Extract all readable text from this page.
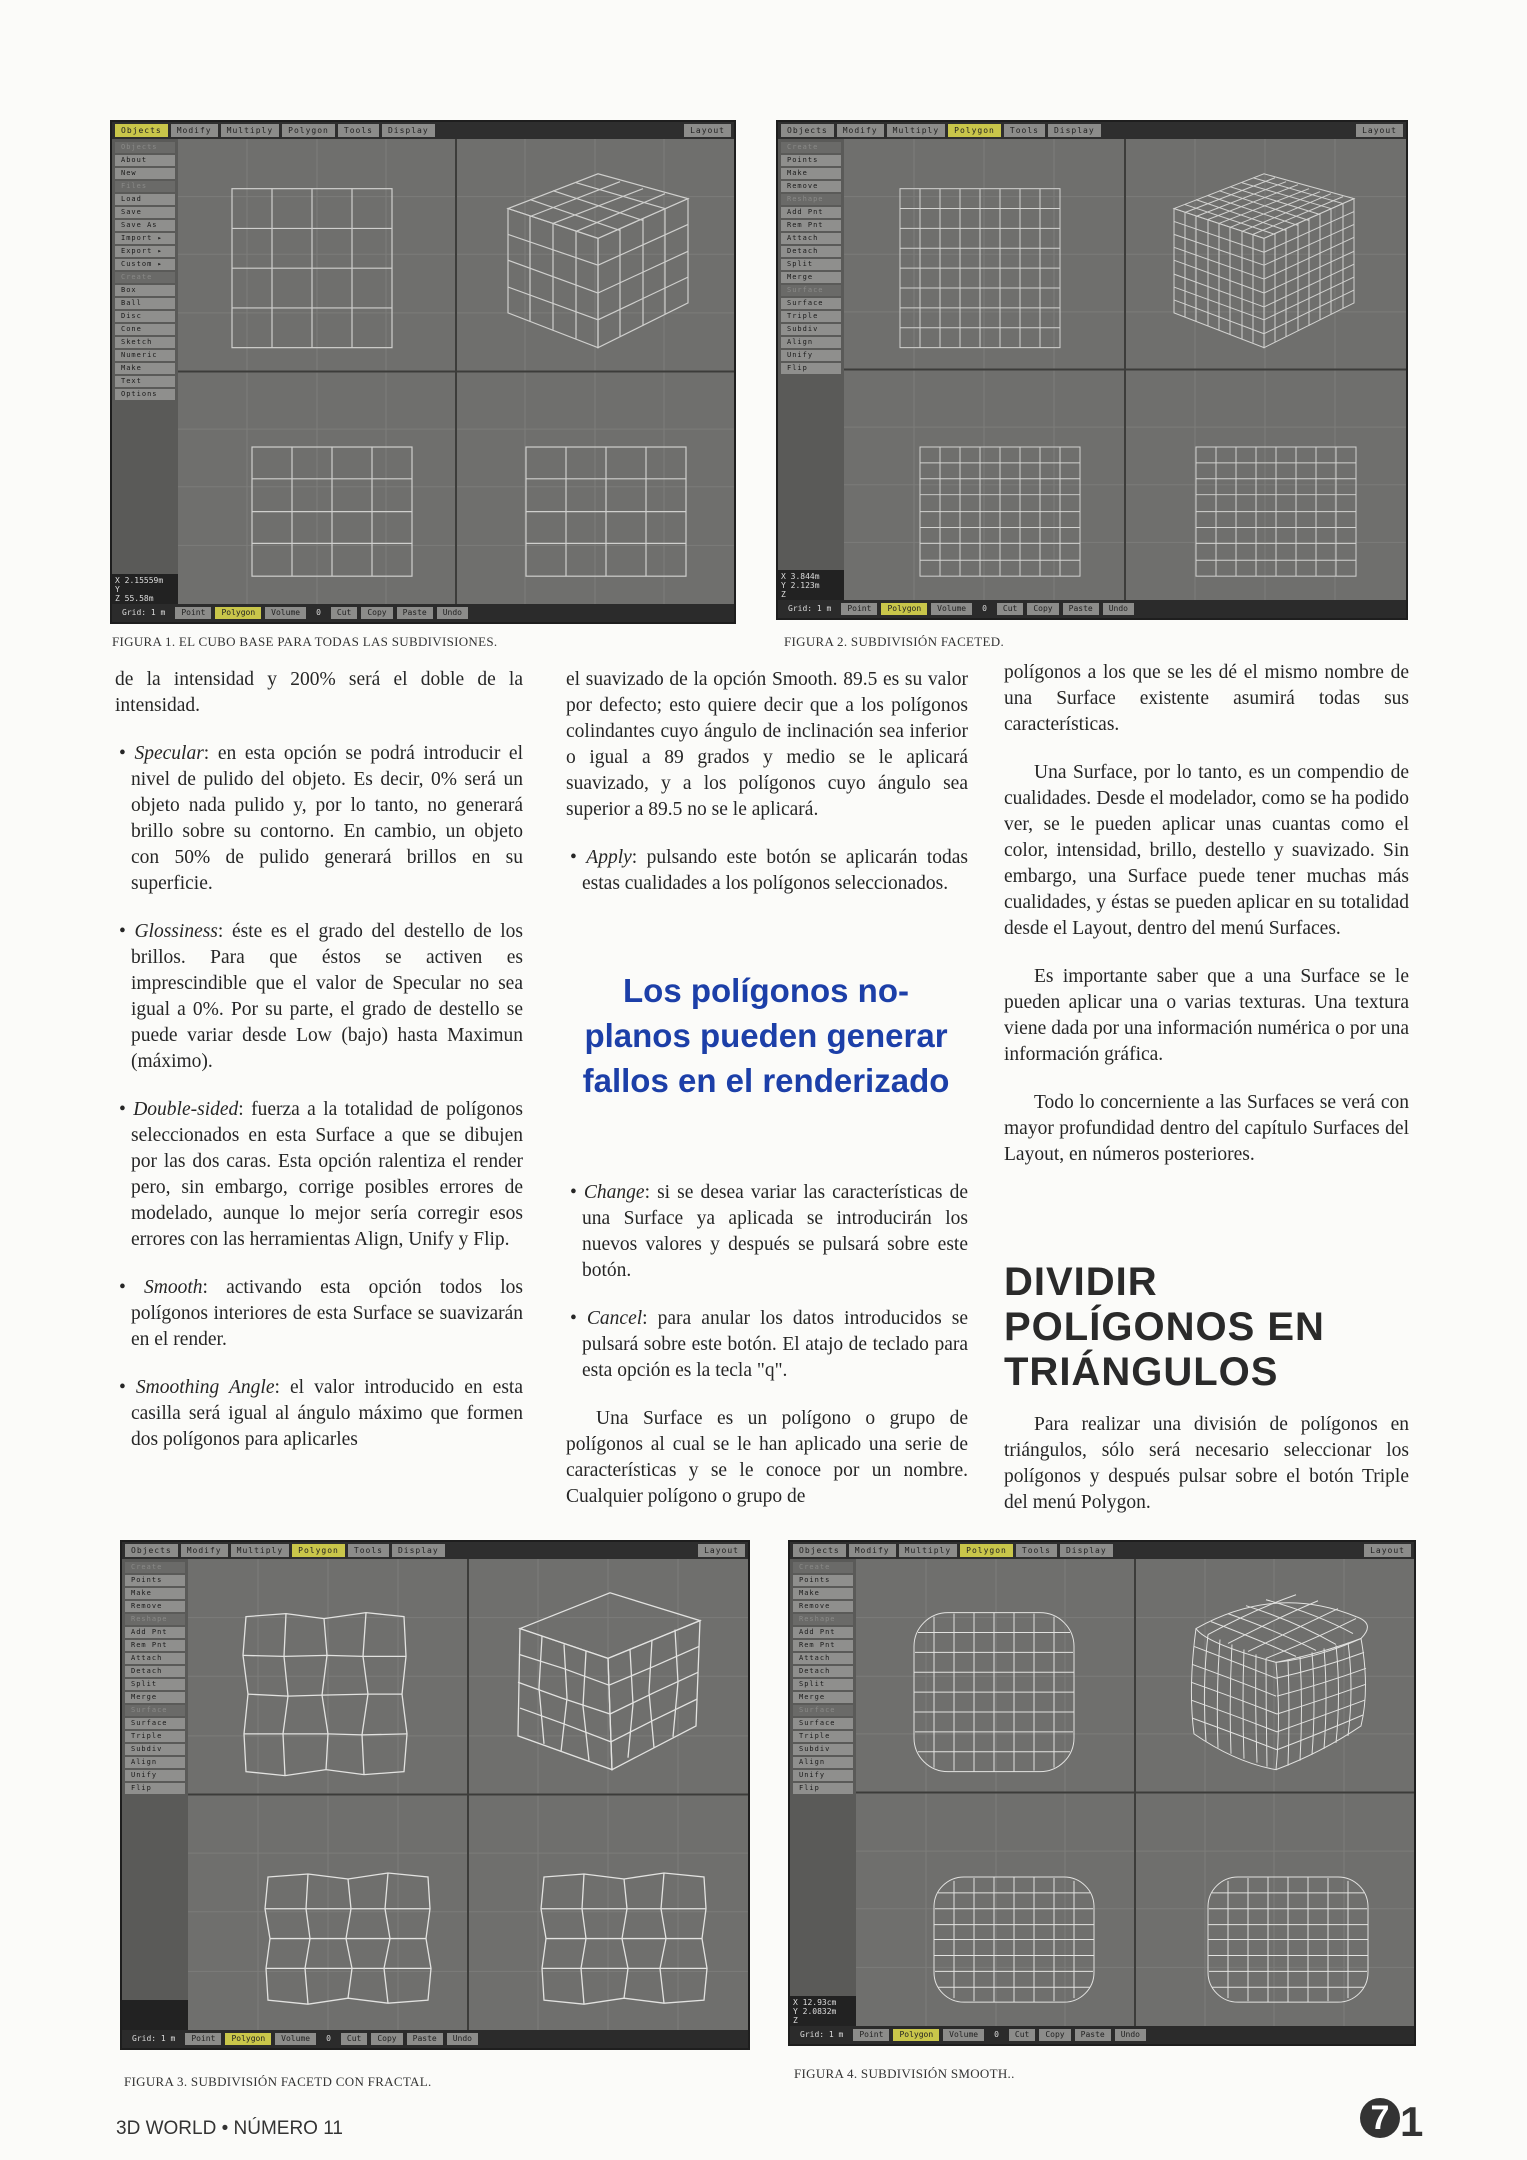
Objects	Modify	Multiply	Polygon	Tools	Display	Layout
Objects
About
New
Files
Load
Save
Save As
Import ▸
Export ▸
Custom ▸
Create
Box
Ball
Disc
Cone
Sketch
Numeric
Make
Text
Options
X 2.15559m
Y
Z 55.58m
Grid: 1 m	Point	Polygon	Volume	0	Cut	Copy	Paste	Undo
FIGURA 1. EL CUBO BASE PARA TODAS LAS SUBDIVISIONES.
Objects	Modify	Multiply	Polygon	Tools	Display	Layout
Create
Points
Make
Remove
Reshape
Add Pnt
Rem Pnt
Attach
Detach
Split
Merge
Surface
Surface
Triple
Subdiv
Align
Unify
Flip
X 3.844m
Y 2.123m
Z
Grid: 1 m	Point	Polygon	Volume	0	Cut	Copy	Paste	Undo
FIGURA 2. SUBDIVISIÓN FACETED.

de la intensidad y 200% será el doble de la intensidad.

• Specular: en esta opción se podrá introducir el nivel de pulido del objeto. Es decir, 0% será un objeto nada pulido y, por lo tanto, no generará brillo sobre su contorno. En cambio, un objeto con 50% de pulido generará brillos en su superficie.

• Glossiness: éste es el grado del destello de los brillos. Para que éstos se activen es imprescindible que el valor de Specular no sea igual a 0%. Por su parte, el grado de destello se puede variar desde Low (bajo) hasta Maximun (máximo).

• Double-sided: fuerza a la totalidad de polígonos seleccionados en esta Surface a que se dibujen por las dos caras. Esta opción ralentiza el render pero, sin embargo, corrige posibles errores de modelado, aunque lo mejor sería corregir esos errores con las herramientas Align, Unify y Flip.

• Smooth: activando esta opción todos los polígonos interiores de esta Surface se suavizarán en el render.

• Smoothing Angle: el valor introducido en esta casilla será igual al ángulo máximo que formen dos polígonos para aplicarles

el suavizado de la opción Smooth. 89.5 es su valor por defecto; esto quiere decir que a los polígonos colindantes cuyo ángulo de inclinación sea inferior o igual a 89 grados y medio se le aplicará suavizado, y a los polígonos cuyo ángulo sea superior a 89.5 no se le aplicará.

• Apply: pulsando este botón se aplicarán todas estas cualidades a los polígonos seleccionados.

Los polígonos no-planos pueden generar fallos en el renderizado

• Change: si se desea variar las características de una Surface ya aplicada se introducirán los nuevos valores y después se pulsará sobre este botón.

• Cancel: para anular los datos introducidos se pulsará sobre este botón. El atajo de teclado para esta opción es la tecla "q".

Una Surface es un polígono o grupo de polígonos al cual se le han aplicado una serie de características y se le conoce por un nombre. Cualquier polígono o grupo de

polígonos a los que se les dé el mismo nombre de una Surface existente asumirá todas sus características.

Una Surface, por lo tanto, es un compendio de cualidades. Desde el modelador, como se ha podido ver, se le pueden aplicar unas cuantas como el color, intensidad, brillo, destello y suavizado. Sin embargo, una Surface puede tener muchas más cualidades, y éstas se pueden aplicar en su totalidad desde el Layout, dentro del menú Surfaces.

Es importante saber que a una Surface se le pueden aplicar una o varias texturas. Una textura viene dada por una información numérica o por una información gráfica.

Todo lo concerniente a las Surfaces se verá con mayor profundidad dentro del capítulo Surfaces del Layout, en números posteriores.

DIVIDIR POLÍGONOS EN TRIÁNGULOS

Para realizar una división de polígonos en triángulos, sólo será necesario seleccionar los polígonos y después pulsar sobre el botón Triple del menú Polygon.

Objects	Modify	Multiply	Polygon	Tools	Display	Layout
Create
Points
Make
Remove
Reshape
Add Pnt
Rem Pnt
Attach
Detach
Split
Merge
Surface
Surface
Triple
Subdiv
Align
Unify
Flip
Grid: 1 m	Point	Polygon	Volume	0	Cut	Copy	Paste	Undo
FIGURA 3. SUBDIVISIÓN FACETD CON FRACTAL.
Objects	Modify	Multiply	Polygon	Tools	Display	Layout
Create
Points
Make
Remove
Reshape
Add Pnt
Rem Pnt
Attach
Detach
Split
Merge
Surface
Surface
Triple
Subdiv
Align
Unify
Flip
X 12.93cm
Y 2.0832m
Z
Grid: 1 m	Point	Polygon	Volume	0	Cut	Copy	Paste	Undo
FIGURA 4. SUBDIVISIÓN SMOOTH..
3D WORLD • NÚMERO 11	7 1
